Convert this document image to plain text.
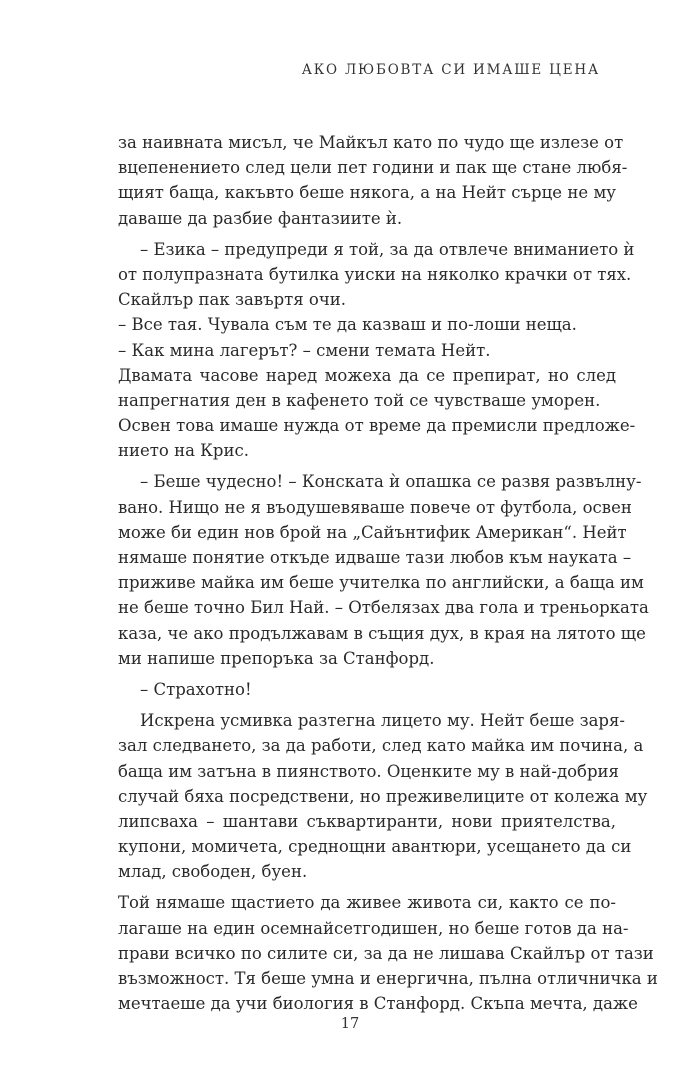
АКО ЛЮБОВТА СИ ИМАШЕ ЦЕНА
за наивната мисъл, че Майкъл като по чудо ще излезе от
вцепенението след цели пет години и пак ще стане любя-
щият баща, какъвто беше някога, а на Нейт сърце не му
даваше да разбие фантазиите ѝ.
– Езика – предупреди я той, за да отвлече вниманието ѝ
от полупразната бутилка уиски на няколко крачки от тях.
Скайлър пак завъртя очи.
– Все тая. Чувала съм те да казваш и по-лоши неща.
– Как мина лагерът? – смени темата Нейт.
Двамата часове наред можеха да се препират, но след
напрегнатия ден в кафенето той се чувстваше уморен.
Освен това имаше нужда от време да премисли предложе-
нието на Крис.
– Беше чудесно! – Конската ѝ опашка се развя развълну-
вано. Нищо не я въодушевяваше повече от футбола, освен
може би един нов брой на „Сайънтифик Американ“. Нейт
нямаше понятие откъде идваше тази любов към науката –
приживе майка им беше учителка по английски, а баща им
не беше точно Бил Най. – Отбелязах два гола и треньорката
каза, че ако продължавам в същия дух, в края на лятото ще
ми напише препоръка за Станфорд.
– Страхотно!
Искрена усмивка разтегна лицето му. Нейт беше заря-
зал следването, за да работи, след като майка им почина, а
баща им затъна в пиянството. Оценките му в най-добрия
случай бяха посредствени, но преживелиците от колежа му
липсваха – шантави съквартиранти, нови приятелства,
купони, момичета, среднощни авантюри, усещането да си
млад, свободен, буен.
Той нямаше щастието да живее живота си, както се по-
лагаше на един осемнайсетгодишен, но беше готов да на-
прави всичко по силите си, за да не лишава Скайлър от тази
възможност. Тя беше умна и енергична, пълна отличничка и
мечтаеше да учи биология в Станфорд. Скъпа мечта, даже
17
